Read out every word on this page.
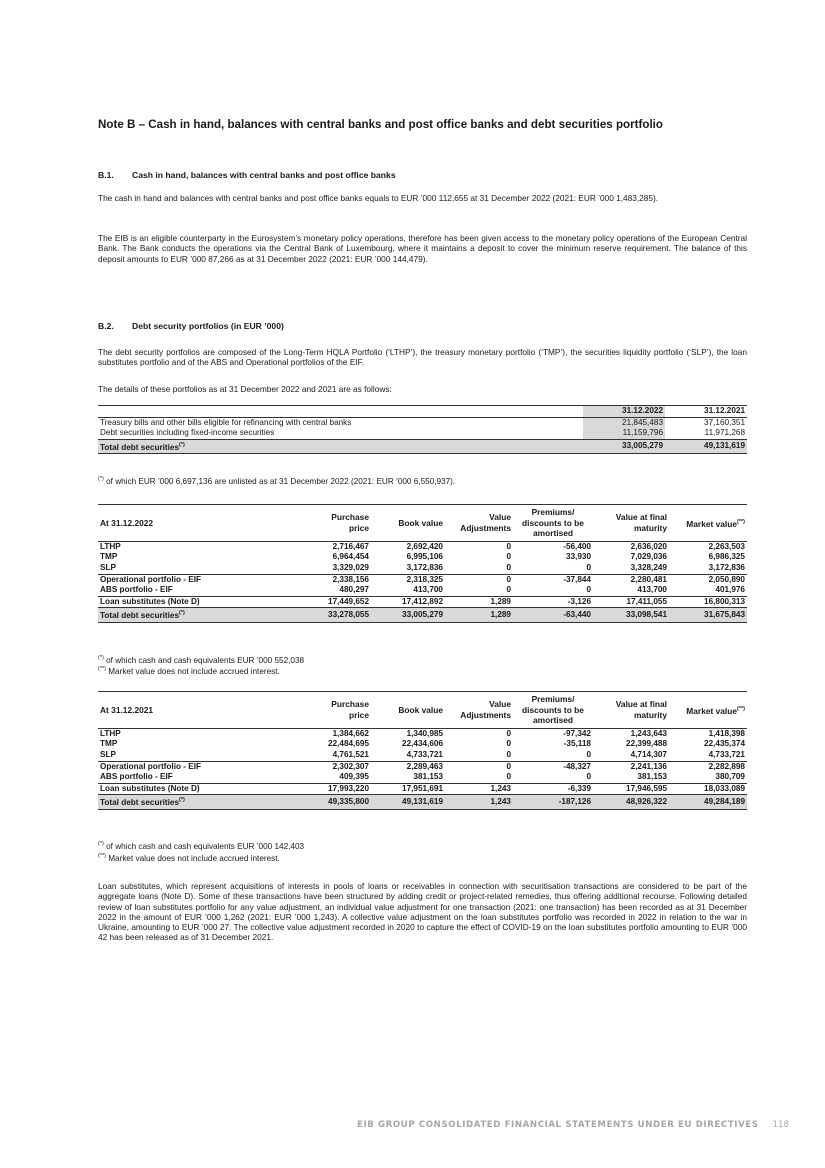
Note B – Cash in hand, balances with central banks and post office banks and debt securities portfolio
B.1. Cash in hand, balances with central banks and post office banks
The cash in hand and balances with central banks and post office banks equals to EUR ’000 112,655 at 31 December 2022 (2021: EUR ’000 1,483,285).
The EIB is an eligible counterparty in the Eurosystem’s monetary policy operations, therefore has been given access to the monetary policy operations of the European Central Bank. The Bank conducts the operations via the Central Bank of Luxembourg, where it maintains a deposit to cover the minimum reserve requirement. The balance of this deposit amounts to EUR ’000 87,266 as at 31 December 2022 (2021: EUR ’000 144,479).
B.2. Debt security portfolios (in EUR ’000)
The debt security portfolios are composed of the Long-Term HQLA Portfolio (‘LTHP’), the treasury monetary portfolio (‘TMP’), the securities liquidity portfolio (‘SLP’), the loan substitutes portfolio and of the ABS and Operational portfolios of the EIF.
The details of these portfolios as at 31 December 2022 and 2021 are as follows:
	31.12.2022	31.12.2021
Treasury bills and other bills eligible for refinancing with central banks	21,845,483	37,160,351
Debt securities including fixed-income securities	11,159,796	11,971,268
Total debt securities(*)	33,005,279	49,131,619
(*) of which EUR ’000 6,697,136 are unlisted as at 31 December 2022 (2021: EUR ’000 6,550,937).
At 31.12.2022	Purchase price	Book value	Value Adjustments	Premiums/ discounts to be amortised	Value at final maturity	Market value(**)
LTHP	2,716,467	2,692,420	0	-56,400	2,636,020	2,263,503
TMP	6,964,454	6,995,106	0	33,930	7,029,036	6,986,325
SLP	3,329,029	3,172,836	0	0	3,328,249	3,172,836
Operational portfolio - EIF	2,338,156	2,318,325	0	-37,844	2,280,481	2,050,890
ABS portfolio - EIF	480,297	413,700	0	0	413,700	401,976
Loan substitutes (Note D)	17,449,652	17,412,892	1,289	-3,126	17,411,055	16,800,313
Total debt securities(*)	33,278,055	33,005,279	1,289	-63,440	33,098,541	31,675,843
(*) of which cash and cash equivalents EUR ’000 552,038
(**) Market value does not include accrued interest.
At 31.12.2021	Purchase price	Book value	Value Adjustments	Premiums/ discounts to be amortised	Value at final maturity	Market value(**)
LTHP	1,384,662	1,340,985	0	-97,342	1,243,643	1,418,398
TMP	22,484,695	22,434,606	0	-35,118	22,399,488	22,435,374
SLP	4,761,521	4,733,721	0	0	4,714,307	4,733,721
Operational portfolio - EIF	2,302,307	2,289,463	0	-48,327	2,241,136	2,282,898
ABS portfolio - EIF	409,395	381,153	0	0	381,153	380,709
Loan substitutes (Note D)	17,993,220	17,951,691	1,243	-6,339	17,946,595	18,033,089
Total debt securities(*)	49,335,800	49,131,619	1,243	-187,126	48,926,322	49,284,189
(*) of which cash and cash equivalents EUR ’000 142,403
(**) Market value does not include accrued interest.
Loan substitutes, which represent acquisitions of interests in pools of loans or receivables in connection with securitisation transactions are considered to be part of the aggregate loans (Note D). Some of these transactions have been structured by adding credit or project-related remedies, thus offering additional recourse. Following detailed review of loan substitutes portfolio for any value adjustment, an individual value adjustment for one transaction (2021: one transaction) has been recorded as at 31 December 2022 in the amount of EUR ’000 1,262 (2021: EUR ’000 1,243). A collective value adjustment on the loan substitutes portfolio was recorded in 2022 in relation to the war in Ukraine, amounting to EUR ’000 27. The collective value adjustment recorded in 2020 to capture the effect of COVID-19 on the loan substitutes portfolio amounting to EUR ’000 42 has been released as of 31 December 2021.
EIB GROUP CONSOLIDATED FINANCIAL STATEMENTS UNDER EU DIRECTIVES 118
